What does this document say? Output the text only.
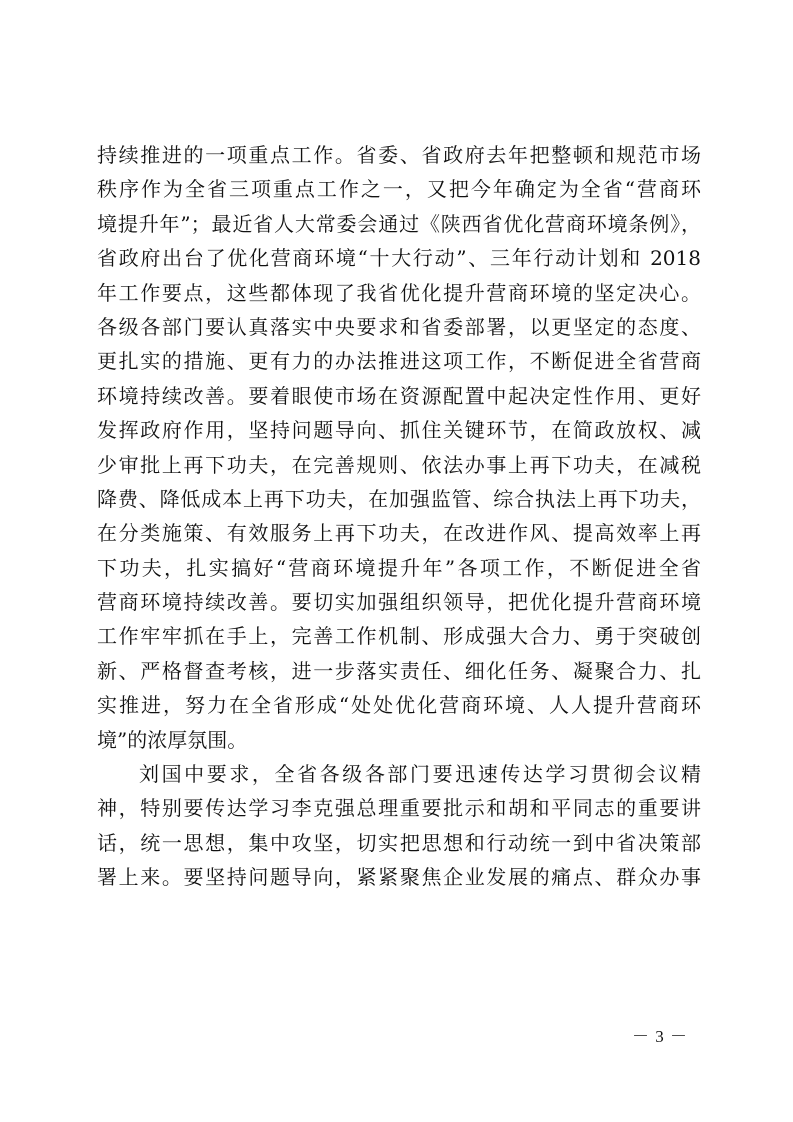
持续推进的一项重点工作。省委、省政府去年把整顿和规范市场
秩序作为全省三项重点工作之一，又把今年确定为全省“营商环
境提升年”；最近省人大常委会通过《陕西省优化营商环境条例》，
省政府出台了优化营商环境“十大行动”、三年行动计划和 2018
年工作要点，这些都体现了我省优化提升营商环境的坚定决心。
各级各部门要认真落实中央要求和省委部署，以更坚定的态度、
更扎实的措施、更有力的办法推进这项工作，不断促进全省营商
环境持续改善。要着眼使市场在资源配置中起决定性作用、更好
发挥政府作用，坚持问题导向、抓住关键环节，在简政放权、减
少审批上再下功夫，在完善规则、依法办事上再下功夫，在减税
降费、降低成本上再下功夫，在加强监管、综合执法上再下功夫，
在分类施策、有效服务上再下功夫，在改进作风、提高效率上再
下功夫，扎实搞好“营商环境提升年”各项工作，不断促进全省
营商环境持续改善。要切实加强组织领导，把优化提升营商环境
工作牢牢抓在手上，完善工作机制、形成强大合力、勇于突破创
新、严格督查考核，进一步落实责任、细化任务、凝聚合力、扎
实推进，努力在全省形成“处处优化营商环境、人人提升营商环
境”的浓厚氛围。
刘国中要求，全省各级各部门要迅速传达学习贯彻会议精
神，特别要传达学习李克强总理重要批示和胡和平同志的重要讲
话，统一思想，集中攻坚，切实把思想和行动统一到中省决策部
署上来。要坚持问题导向，紧紧聚焦企业发展的痛点、群众办事
－ 3 －
